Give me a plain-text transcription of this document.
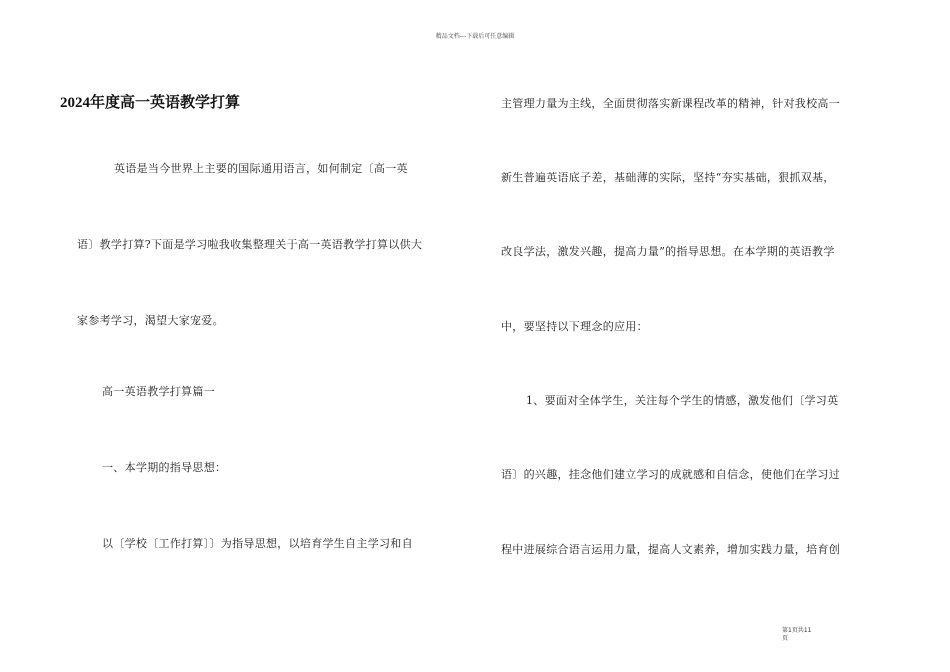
精品文档---下载后可任意编辑
2024年度高一英语教学打算
英语是当今世界上主要的国际通用语言，如何制定〔高一英
语〕教学打算?下面是学习啦我收集整理关于高一英语教学打算以供大
家参考学习，渴望大家宠爱。
高一英语教学打算篇一
一、本学期的指导思想：
以〔学校〔工作打算〕〕为指导思想，以培育学生自主学习和自
主管理力量为主线，全面贯彻落实新课程改革的精神，针对我校高一
新生普遍英语底子差，基础薄的实际，坚持“夯实基础，狠抓双基，
改良学法，激发兴趣，提高力量”的指导思想。在本学期的英语教学
中，要坚持以下理念的应用：
1、要面对全体学生，关注每个学生的情感，激发他们〔学习英
语〕的兴趣，挂念他们建立学习的成就感和自信念，使他们在学习过
程中进展综合语言运用力量，提高人文素养，增加实践力量，培育创
第1页共11
页
